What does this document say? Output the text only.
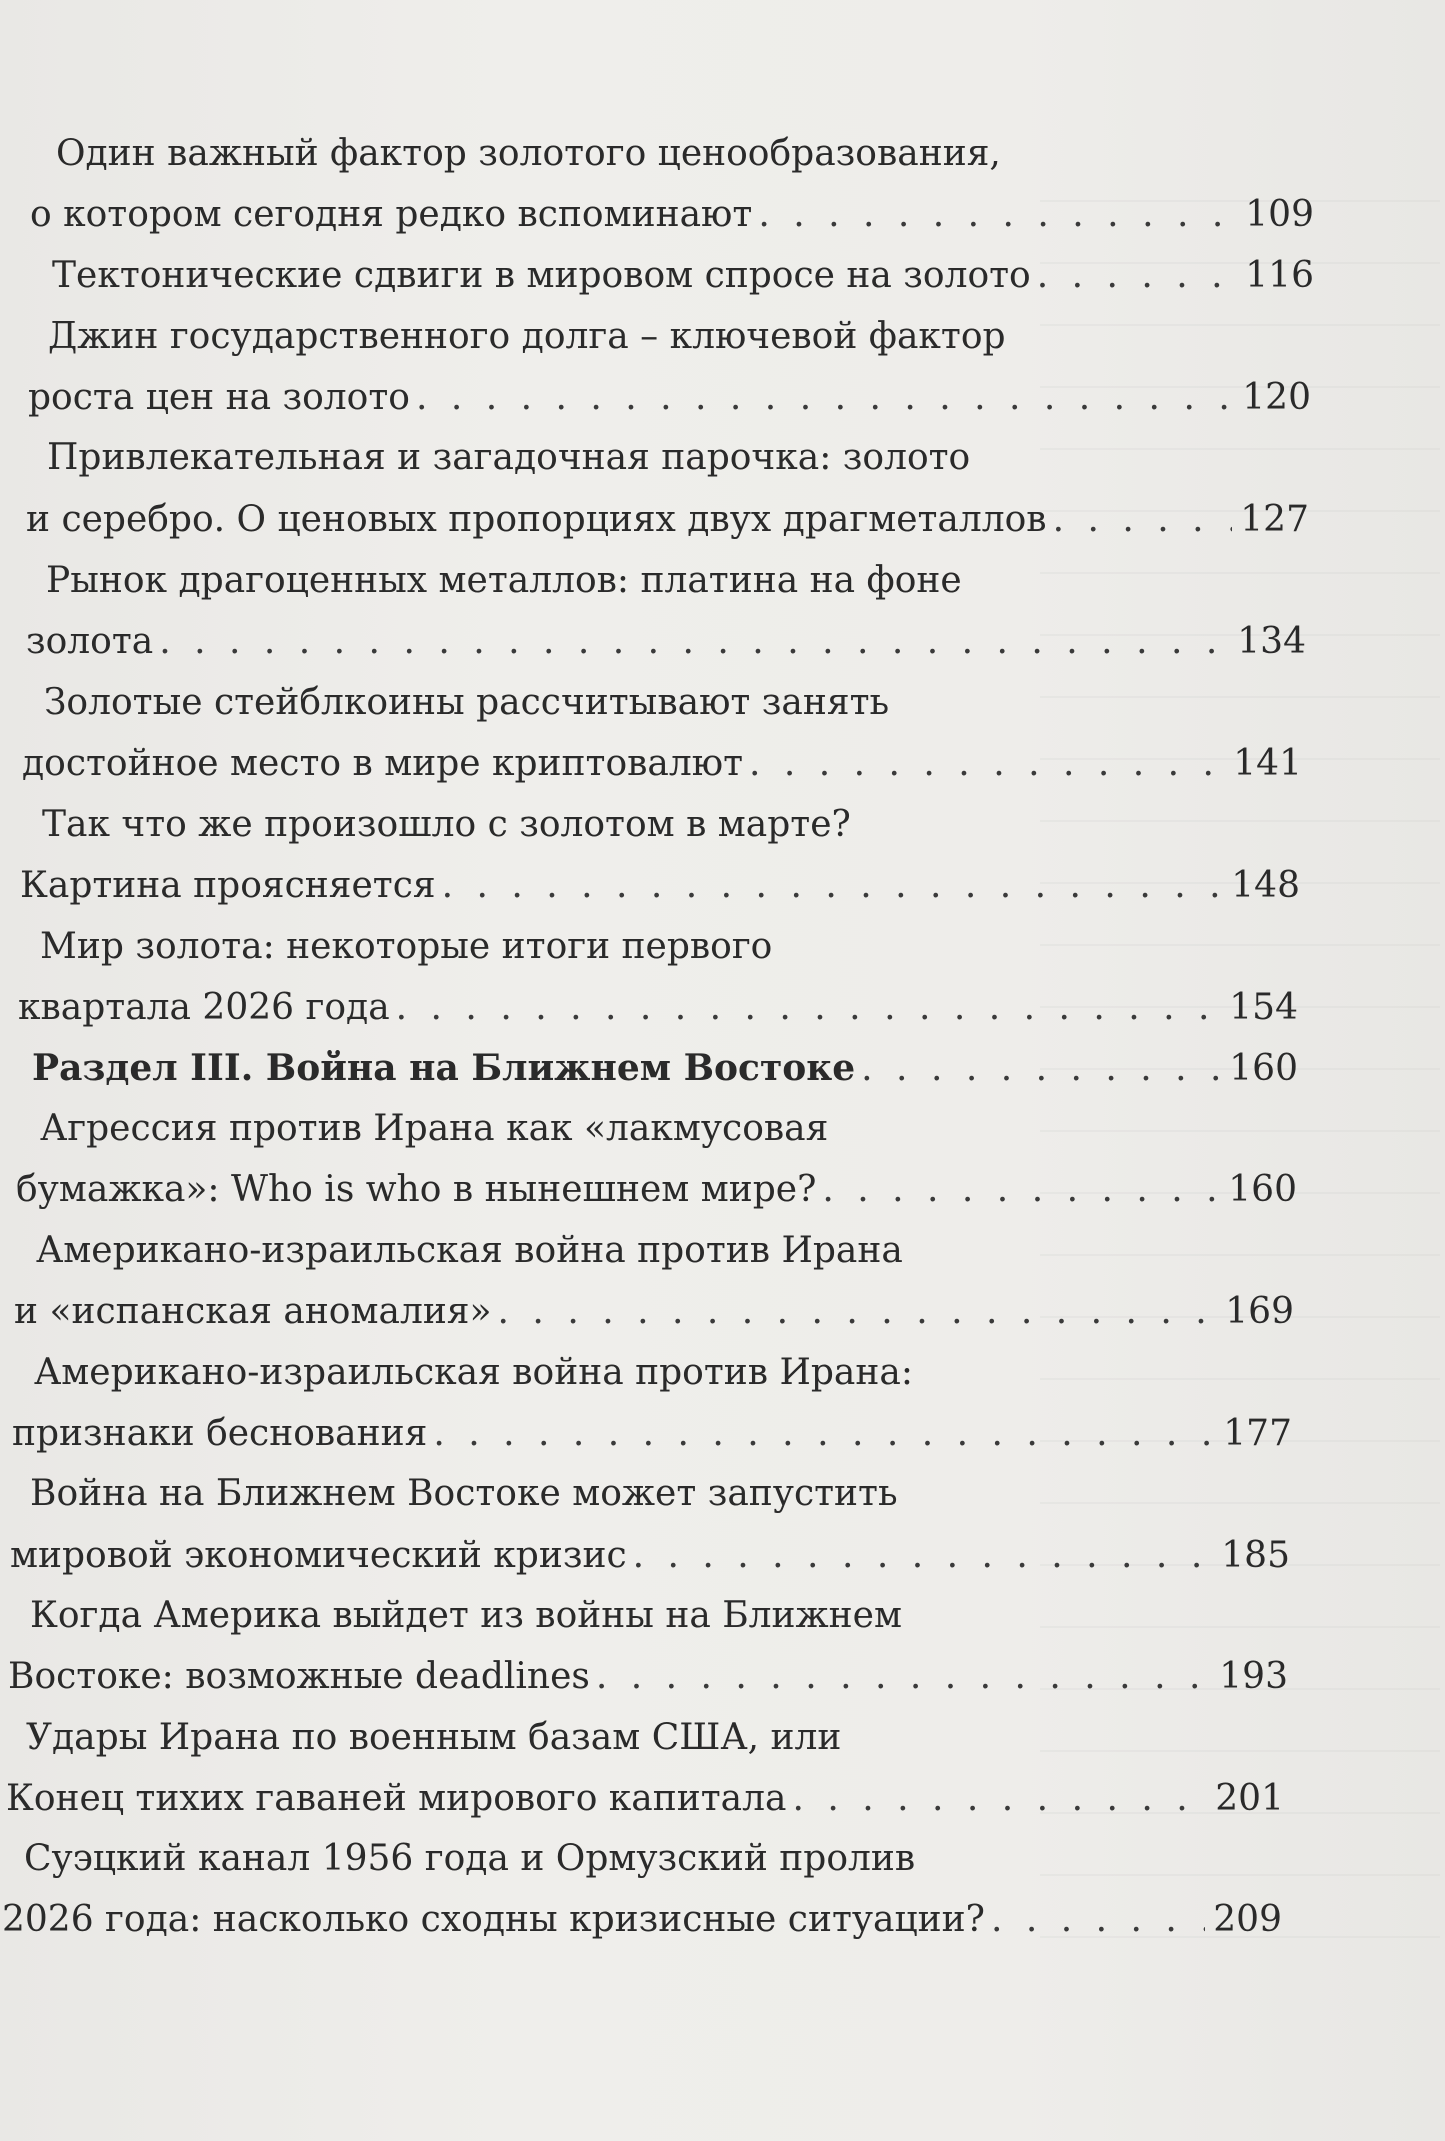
Один важный фактор золотого ценообразования,
о котором сегодня редко вспоминают . . .	109
Тектонические сдвиги в мировом спросе на золото . . .	116
Джин государственного долга – ключевой фактор
роста цен на золото . . .	120
Привлекательная и загадочная парочка: золото
и серебро. О ценовых пропорциях двух драгметаллов . . .	127
Рынок драгоценных металлов: платина на фоне
золота . . .	134
Золотые стейблкоины рассчитывают занять
достойное место в мире криптовалют . . .	141
Так что же произошло с золотом в марте?
Картина проясняется . . .	148
Мир золота: некоторые итоги первого
квартала 2026 года . . .	154
Раздел III. Война на Ближнем Востоке . . .	160
Агрессия против Ирана как «лакмусовая
бумажка»: Who is who в нынешнем мире? . . .	160
Американо-израильская война против Ирана
и «испанская аномалия» . . .	169
Американо-израильская война против Ирана:
признаки беснования . . .	177
Война на Ближнем Востоке может запустить
мировой экономический кризис . . .	185
Когда Америка выйдет из войны на Ближнем
Востоке: возможные deadlines . . .	193
Удары Ирана по военным базам США, или
Конец тихих гаваней мирового капитала . . .	201
Суэцкий канал 1956 года и Ормузский пролив
2026 года: насколько сходны кризисные ситуации? . . .	209
